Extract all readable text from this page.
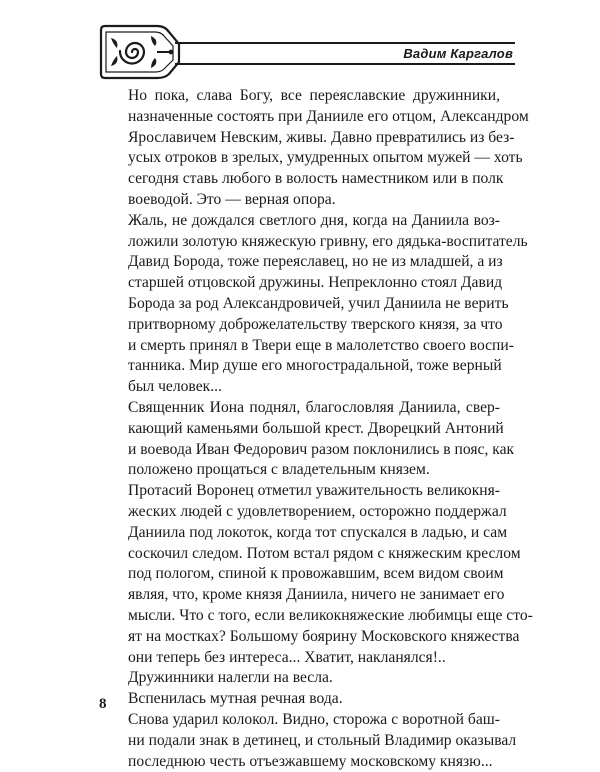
Вадим Каргалов

Но пока, слава Богу, все переяславские дружинники,
назначенные состоять при Данииле его отцом, Александром
Ярославичем Невским, живы. Давно превратились из без-
усых отроков в зрелых, умудренных опытом мужей — хоть
сегодня ставь любого в волость наместником или в полк
воеводой. Это — верная опора.

Жаль, не дождался светлого дня, когда на Даниила воз-
ложили золотую княжескую гривну, его дядька-воспитатель
Давид Борода, тоже переяславец, но не из младшей, а из
старшей отцовской дружины. Непреклонно стоял Давид
Борода за род Александровичей, учил Даниила не верить
притворному доброжелательству тверского князя, за что
и смерть принял в Твери еще в малолетство своего воспи-
танника. Мир душе его многострадальной, тоже верный
был человек...

Священник Иона поднял, благословляя Даниила, свер-
кающий каменьями большой крест. Дворецкий Антоний
и воевода Иван Федорович разом поклонились в пояс, как
положено прощаться с владетельным князем.

Протасий Воронец отметил уважительность великокня-
жеских людей с удовлетворением, осторожно поддержал
Даниила под локоток, когда тот спускался в ладью, и сам
соскочил следом. Потом встал рядом с княжеским креслом
под пологом, спиной к провожавшим, всем видом своим
являя, что, кроме князя Даниила, ничего не занимает его
мысли. Что с того, если великокняжеские любимцы еще сто-
ят на мостках? Большому боярину Московского княжества
они теперь без интереса... Хватит, накланялся!..

Дружинники налегли на весла.

Вспенилась мутная речная вода.

Снова ударил колокол. Видно, сторожа с воротной баш-
ни подали знак в детинец, и стольный Владимир оказывал
последнюю честь отъезжавшему московскому князю...

8
